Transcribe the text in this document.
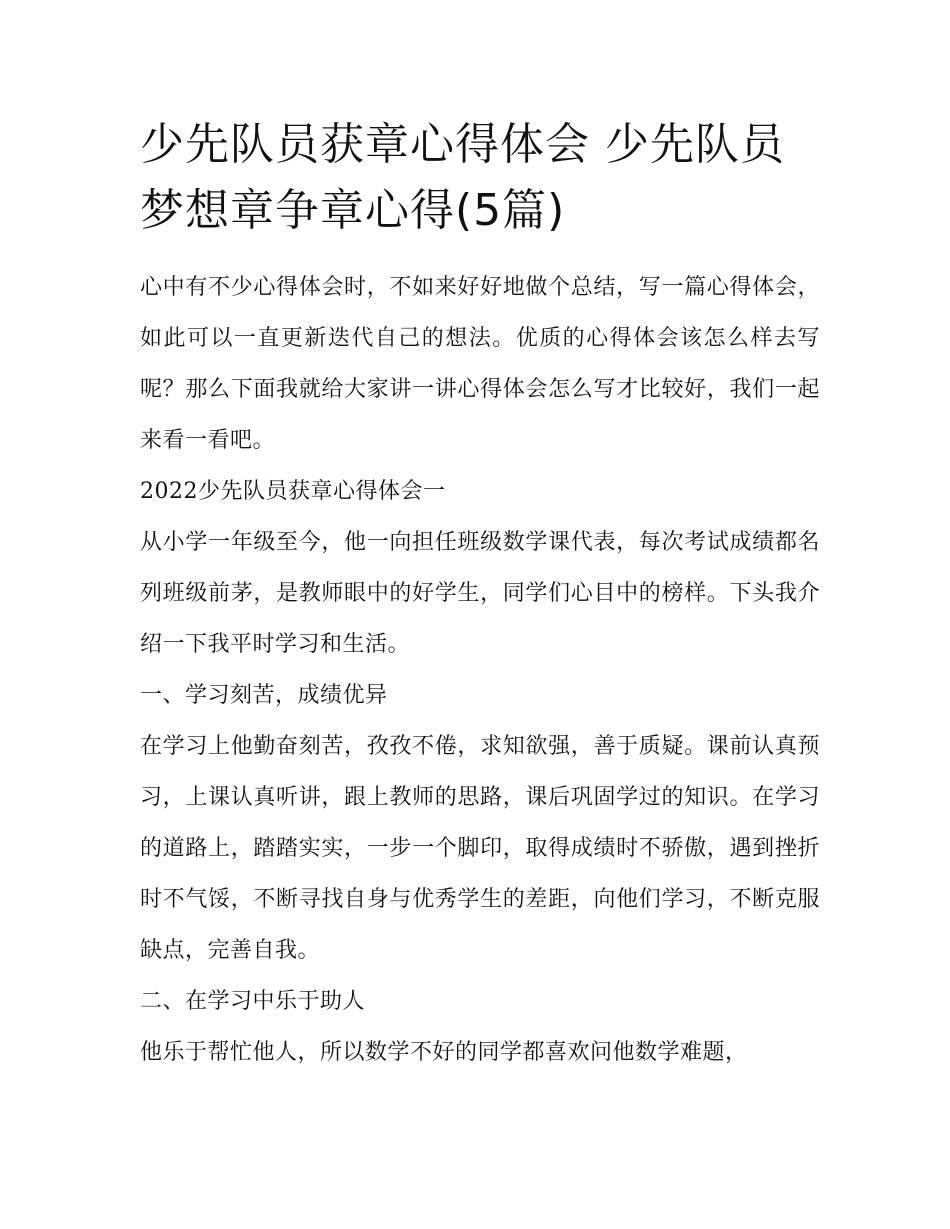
少先队员获章心得体会 少先队员梦想章争章心得(5篇)

心中有不少心得体会时，不如来好好地做个总结，写一篇心得体会，如此可以一直更新迭代自己的想法。优质的心得体会该怎么样去写呢？那么下面我就给大家讲一讲心得体会怎么写才比较好，我们一起来看一看吧。

2022少先队员获章心得体会一

从小学一年级至今，他一向担任班级数学课代表，每次考试成绩都名列班级前茅，是教师眼中的好学生，同学们心目中的榜样。下头我介绍一下我平时学习和生活。

一、学习刻苦，成绩优异

在学习上他勤奋刻苦，孜孜不倦，求知欲强，善于质疑。课前认真预习，上课认真听讲，跟上教师的思路，课后巩固学过的知识。在学习的道路上，踏踏实实，一步一个脚印，取得成绩时不骄傲，遇到挫折时不气馁，不断寻找自身与优秀学生的差距，向他们学习，不断克服缺点，完善自我。

二、在学习中乐于助人

他乐于帮忙他人，所以数学不好的同学都喜欢问他数学难题，
